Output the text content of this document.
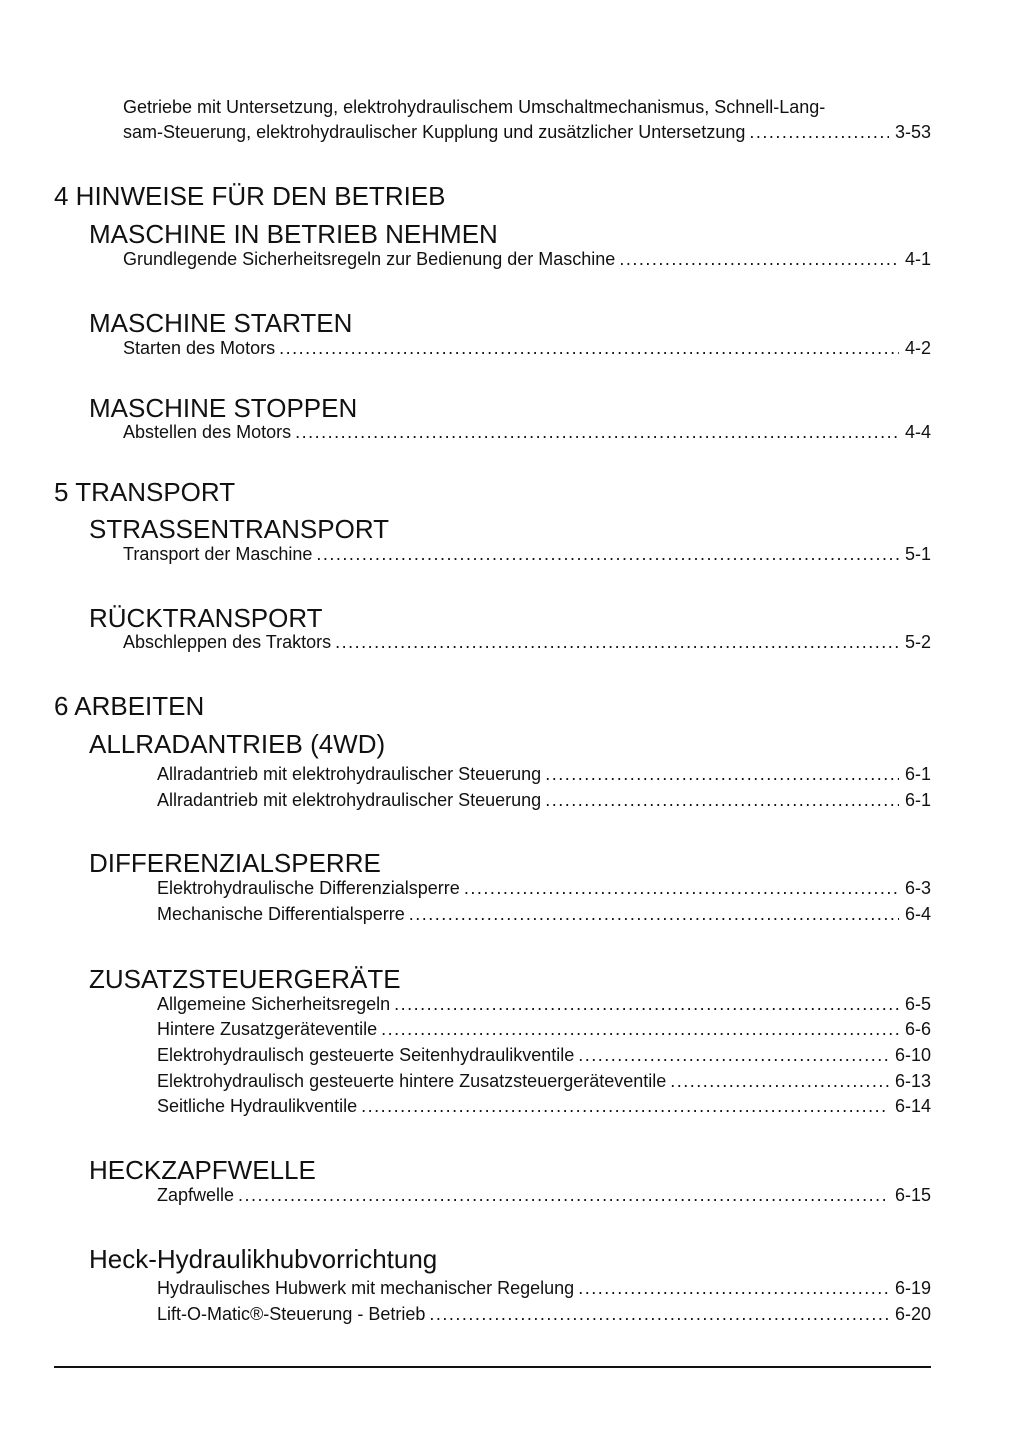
Getriebe mit Untersetzung, elektrohydraulischem Umschaltmechanismus, Schnell-Lang-
sam-Steuerung, elektrohydraulischer Kupplung und zusätzlicher Untersetzung .....	3-53
4 HINWEISE FÜR DEN BETRIEB
MASCHINE IN BETRIEB NEHMEN
Grundlegende Sicherheitsregeln zur Bedienung der Maschine .....	4-1
MASCHINE STARTEN
Starten des Motors .....	4-2
MASCHINE STOPPEN
Abstellen des Motors .....	4-4
5 TRANSPORT
STRASSENTRANSPORT
Transport der Maschine .....	5-1
RÜCKTRANSPORT
Abschleppen des Traktors .....	5-2
6 ARBEITEN
ALLRADANTRIEB (4WD)
Allradantrieb mit elektrohydraulischer Steuerung .....	6-1
Allradantrieb mit elektrohydraulischer Steuerung .....	6-1
DIFFERENZIALSPERRE
Elektrohydraulische Differenzialsperre .....	6-3
Mechanische Differentialsperre .....	6-4
ZUSATZSTEUERGERÄTE
Allgemeine Sicherheitsregeln .....	6-5
Hintere Zusatzgeräteventile .....	6-6
Elektrohydraulisch gesteuerte Seitenhydraulikventile .....	6-10
Elektrohydraulisch gesteuerte hintere Zusatzsteuergeräteventile .....	6-13
Seitliche Hydraulikventile .....	6-14
HECKZAPFWELLE
Zapfwelle .....	6-15
Heck-Hydraulikhubvorrichtung
Hydraulisches Hubwerk mit mechanischer Regelung .....	6-19
Lift-O-Matic®-Steuerung - Betrieb .....	6-20
